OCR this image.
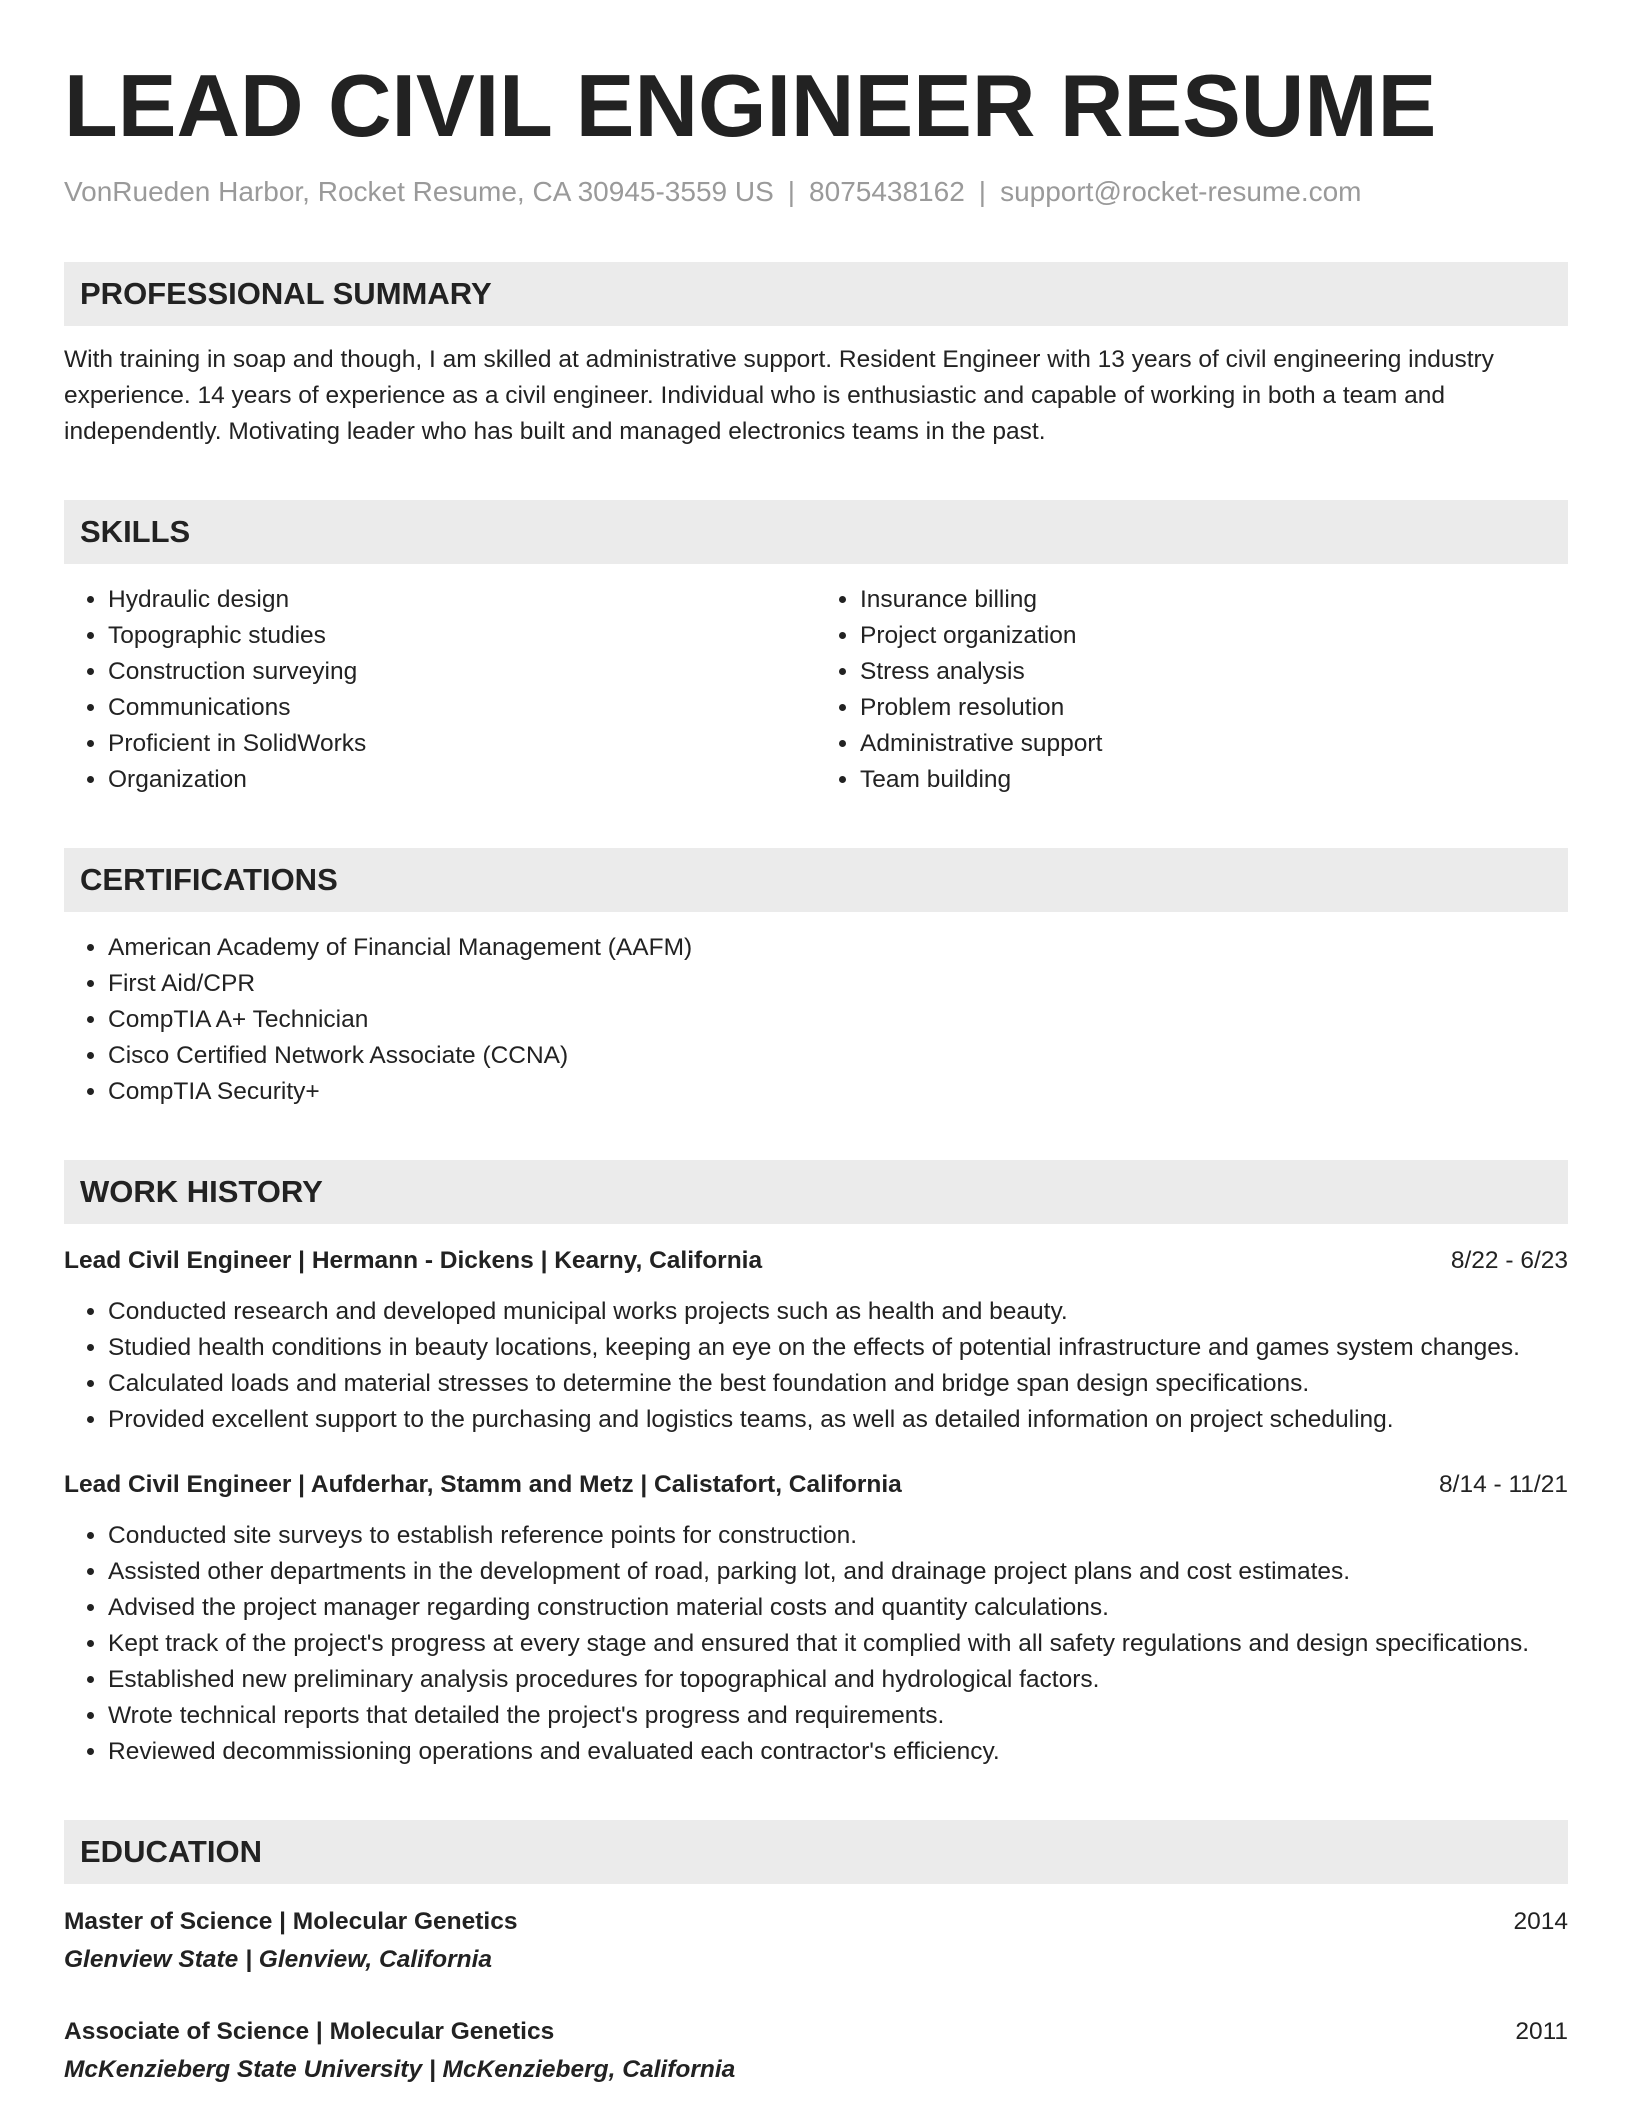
LEAD CIVIL ENGINEER RESUME
VonRueden Harbor, Rocket Resume, CA 30945-3559 US | 8075438162 | support@rocket-resume.com
PROFESSIONAL SUMMARY

With training in soap and though, I am skilled at administrative support. Resident Engineer with 13 years of civil engineering industry experience. 14 years of experience as a civil engineer. Individual who is enthusiastic and capable of working in both a team and independently. Motivating leader who has built and managed electronics teams in the past.

SKILLS
• Hydraulic design
• Topographic studies
• Construction surveying
• Communications
• Proficient in SolidWorks
• Organization
• Insurance billing
• Project organization
• Stress analysis
• Problem resolution
• Administrative support
• Team building
CERTIFICATIONS
• American Academy of Financial Management (AAFM)
• First Aid/CPR
• CompTIA A+ Technician
• Cisco Certified Network Associate (CCNA)
• CompTIA Security+
WORK HISTORY
Lead Civil Engineer | Hermann - Dickens | Kearny, California	8/22 - 6/23
• Conducted research and developed municipal works projects such as health and beauty.
• Studied health conditions in beauty locations, keeping an eye on the effects of potential infrastructure and games system changes.
• Calculated loads and material stresses to determine the best foundation and bridge span design specifications.
• Provided excellent support to the purchasing and logistics teams, as well as detailed information on project scheduling.
Lead Civil Engineer | Aufderhar, Stamm and Metz | Calistafort, California	8/14 - 11/21
• Conducted site surveys to establish reference points for construction.
• Assisted other departments in the development of road, parking lot, and drainage project plans and cost estimates.
• Advised the project manager regarding construction material costs and quantity calculations.
• Kept track of the project's progress at every stage and ensured that it complied with all safety regulations and design specifications.
• Established new preliminary analysis procedures for topographical and hydrological factors.
• Wrote technical reports that detailed the project's progress and requirements.
• Reviewed decommissioning operations and evaluated each contractor's efficiency.
EDUCATION
Master of Science | Molecular Genetics	2014
Glenview State | Glenview, California
Associate of Science | Molecular Genetics	2011
McKenzieberg State University | McKenzieberg, California
